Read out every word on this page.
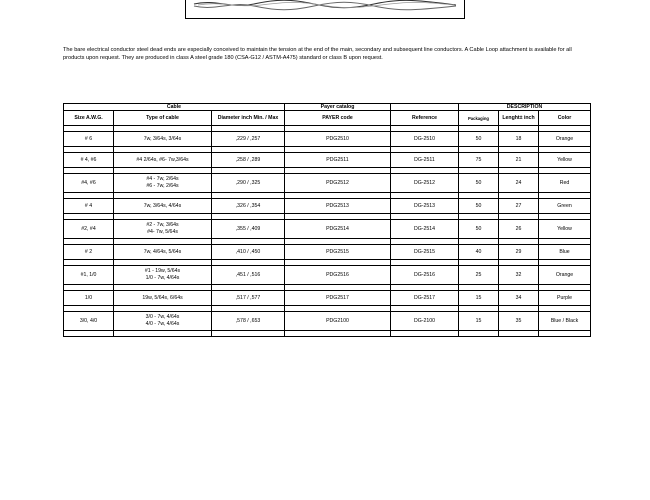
The bare electrical conductor steel dead ends are especially conceived to maintain the tension at the end of the main, secondary and subsequent line conductors. A Cable Loop attachment is available for all products upon request. They are produced in class A steel grade 180 (CSA-G12 / ASTM-A475) standard or class B upon request.
Cable			Payer catalog		DESCRIPTION		
Size A.W.G.	Type of cable	Diameter inch Min. / Max	PAYER code	Reference	Packaging	Lenght± inch	Color

# 6	7w, 3/64s, 3/64s	,229 / ,257	PDG2510	DG-2510	50	18	Orange

# 4, #6	#4 2/64s, #6- 7w,3/64s	,258 / ,289	PDG2511	DG-2511	75	21	Yellow

#4, #6	#4 - 7w, 2/64s
#6 - 7w, 2/64s	,290 / ,325	PDG2512	DG-2512	50	24	Red

# 4	7w, 3/64s, 4/64s	,326 / ,354	PDG2513	DG-2513	50	27	Green

#2, #4	#2 - 7w, 3/64s
#4- 7w, 5/64s	,355 / ,409	PDG2514	DG-2514	50	26	Yellow

# 2	7w, 4/64s, 5/64s	,410 / ,450	PDG2515	DG-2515	40	29	Blue

#1, 1/0	#1 - 19w, 5/64s
1/0 - 7w, 4/64s	,451 / ,516	PDG2516	DG-2516	25	32	Orange

1/0	19w, 5/64s, 6/64s	,517 / ,577	PDG2517	DG-2517	15	34	Purple

3/0, 4/0	3/0 - 7w, 4/64s
4/0 - 7w, 4/64s	,578 / ,653	PDG2100	DG-2100	15	35	Blue / Black
